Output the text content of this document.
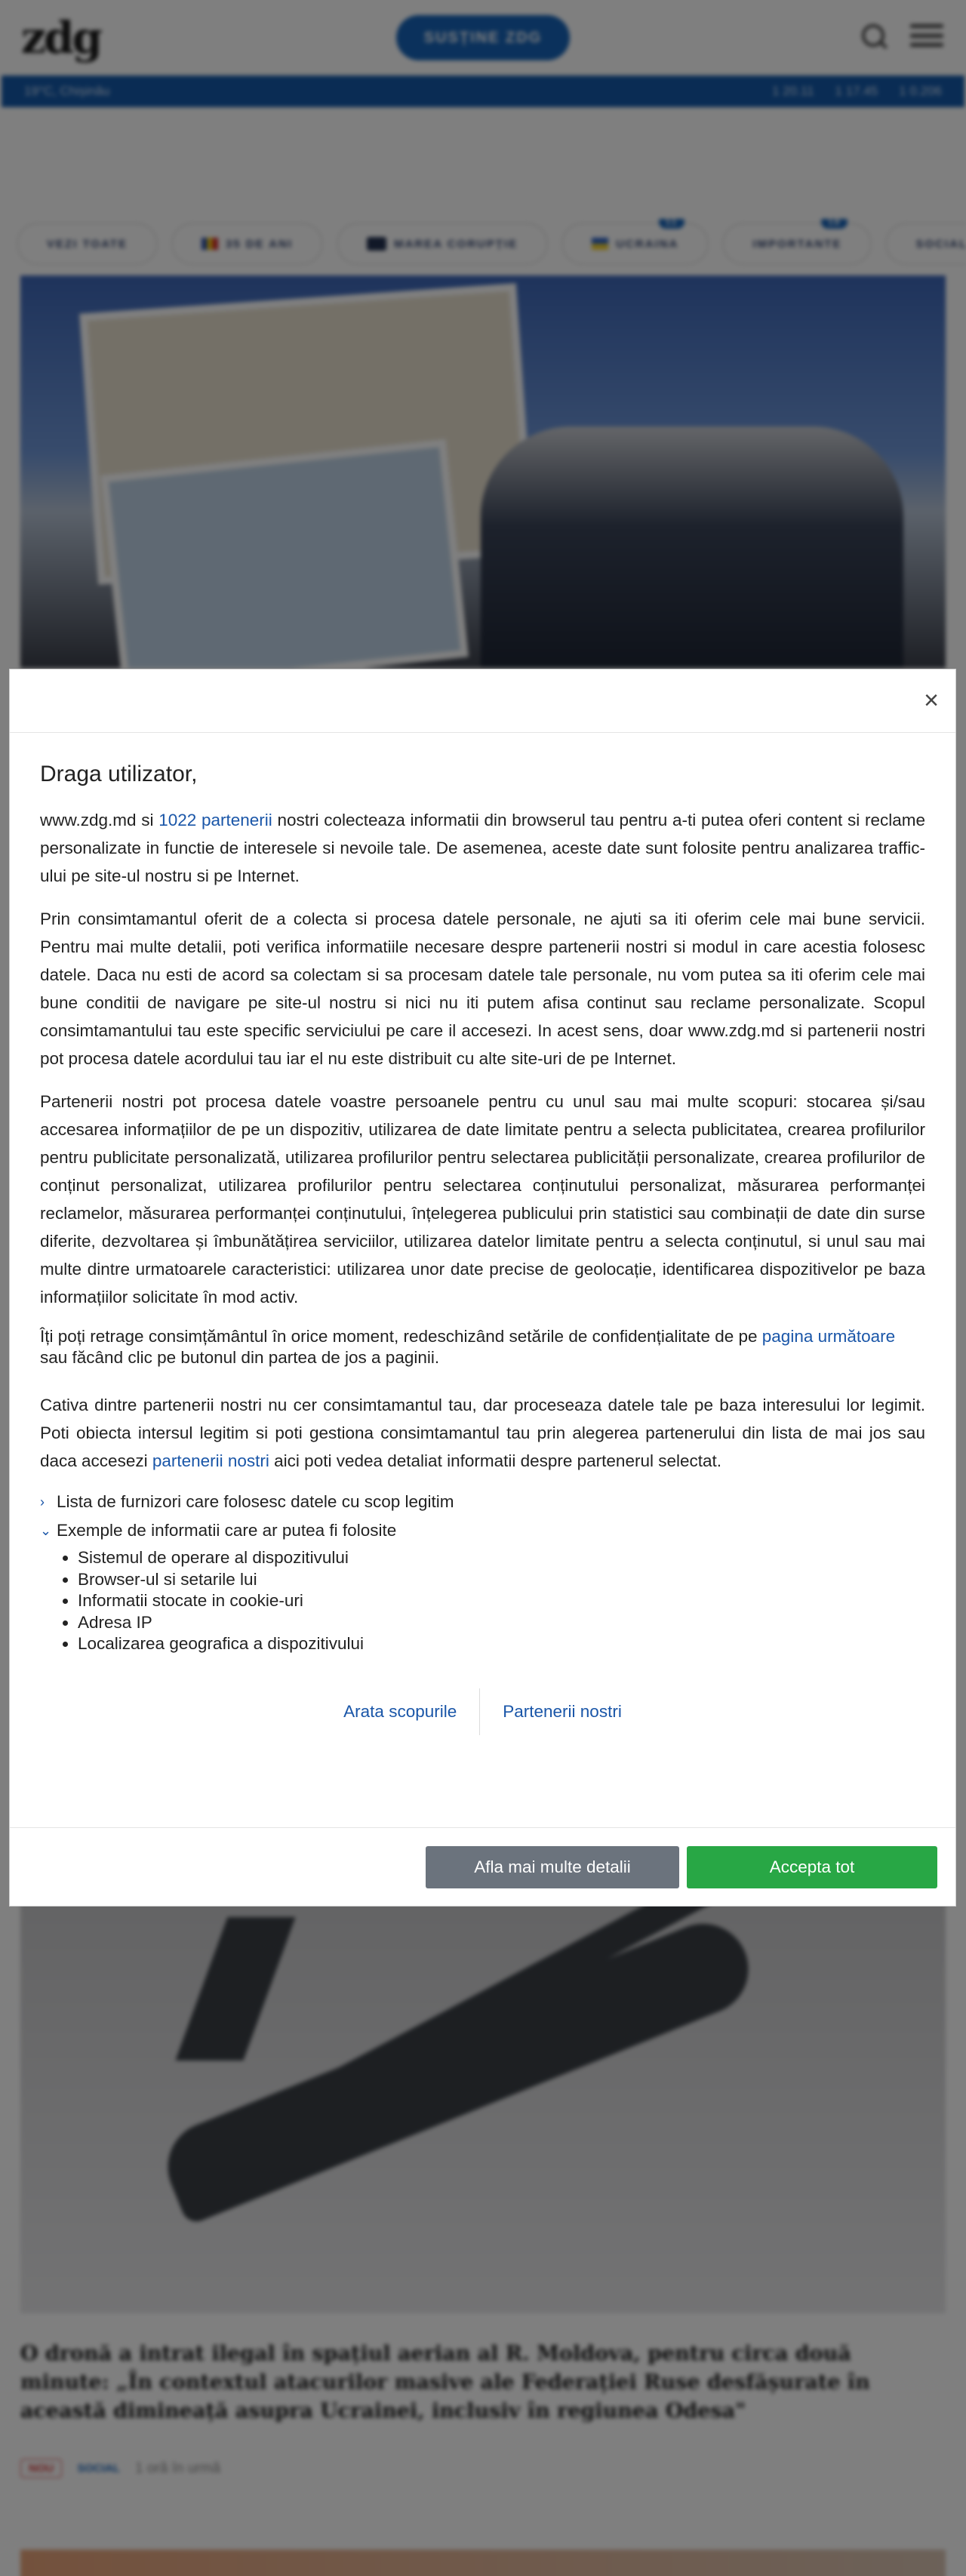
×
Draga utilizator,

www.zdg.md si 1022 partenerii nostri colecteaza informatii din browserul tau pentru a-ti putea oferi content si reclame personalizate in functie de interesele si nevoile tale. De asemenea, aceste date sunt folosite pentru analizarea traffic-ului pe site-ul nostru si pe Internet.

Prin consimtamantul oferit de a colecta si procesa datele personale, ne ajuti sa iti oferim cele mai bune servicii. Pentru mai multe detalii, poti verifica informatiile necesare despre partenerii nostri si modul in care acestia folosesc datele. Daca nu esti de acord sa colectam si sa procesam datele tale personale, nu vom putea sa iti oferim cele mai bune conditii de navigare pe site-ul nostru si nici nu iti putem afisa continut sau reclame personalizate. Scopul consimtamantului tau este specific serviciului pe care il accesezi. In acest sens, doar www.zdg.md si partenerii nostri pot procesa datele acordului tau iar el nu este distribuit cu alte site-uri de pe Internet.

Partenerii nostri pot procesa datele voastre persoanele pentru cu unul sau mai multe scopuri: stocarea și/sau accesarea informațiilor de pe un dispozitiv, utilizarea de date limitate pentru a selecta publicitatea, crearea profilurilor pentru publicitate personalizată, utilizarea profilurilor pentru selectarea publicității personalizate, crearea profilurilor de conținut personalizat, utilizarea profilurilor pentru selectarea conținutului personalizat, măsurarea performanței reclamelor, măsurarea performanței conținutului, înțelegerea publicului prin statistici sau combinații de date din surse diferite, dezvoltarea și îmbunătățirea serviciilor, utilizarea datelor limitate pentru a selecta conținutul, si unul sau mai multe dintre urmatoarele caracteristici: utilizarea unor date precise de geolocație, identificarea dispozitivelor pe baza informațiilor solicitate în mod activ.

Îți poți retrage consimțământul în orice moment, redeschizând setările de confidențialitate de pe pagina următoare sau făcând clic pe butonul din partea de jos a paginii.

Cativa dintre partenerii nostri nu cer consimtamantul tau, dar proceseaza datele tale pe baza interesului lor legimit. Poti obiecta intersul legitim si poti gestiona consimtamantul tau prin alegerea partenerului din lista de mai jos sau daca accesezi partenerii nostri aici poti vedea detaliat informatii despre partenerul selectat.

› Lista de furnizori care folosesc datele cu scop legitim
⌄ Exemple de informatii care ar putea fi folosite
• Sistemul de operare al dispozitivului
• Browser-ul si setarile lui
• Informatii stocate in cookie-uri
• Adresa IP
• Localizarea geografica a dispozitivului
Arata scopurile	Partenerii nostri
Afla mai multe detalii	Accepta tot
